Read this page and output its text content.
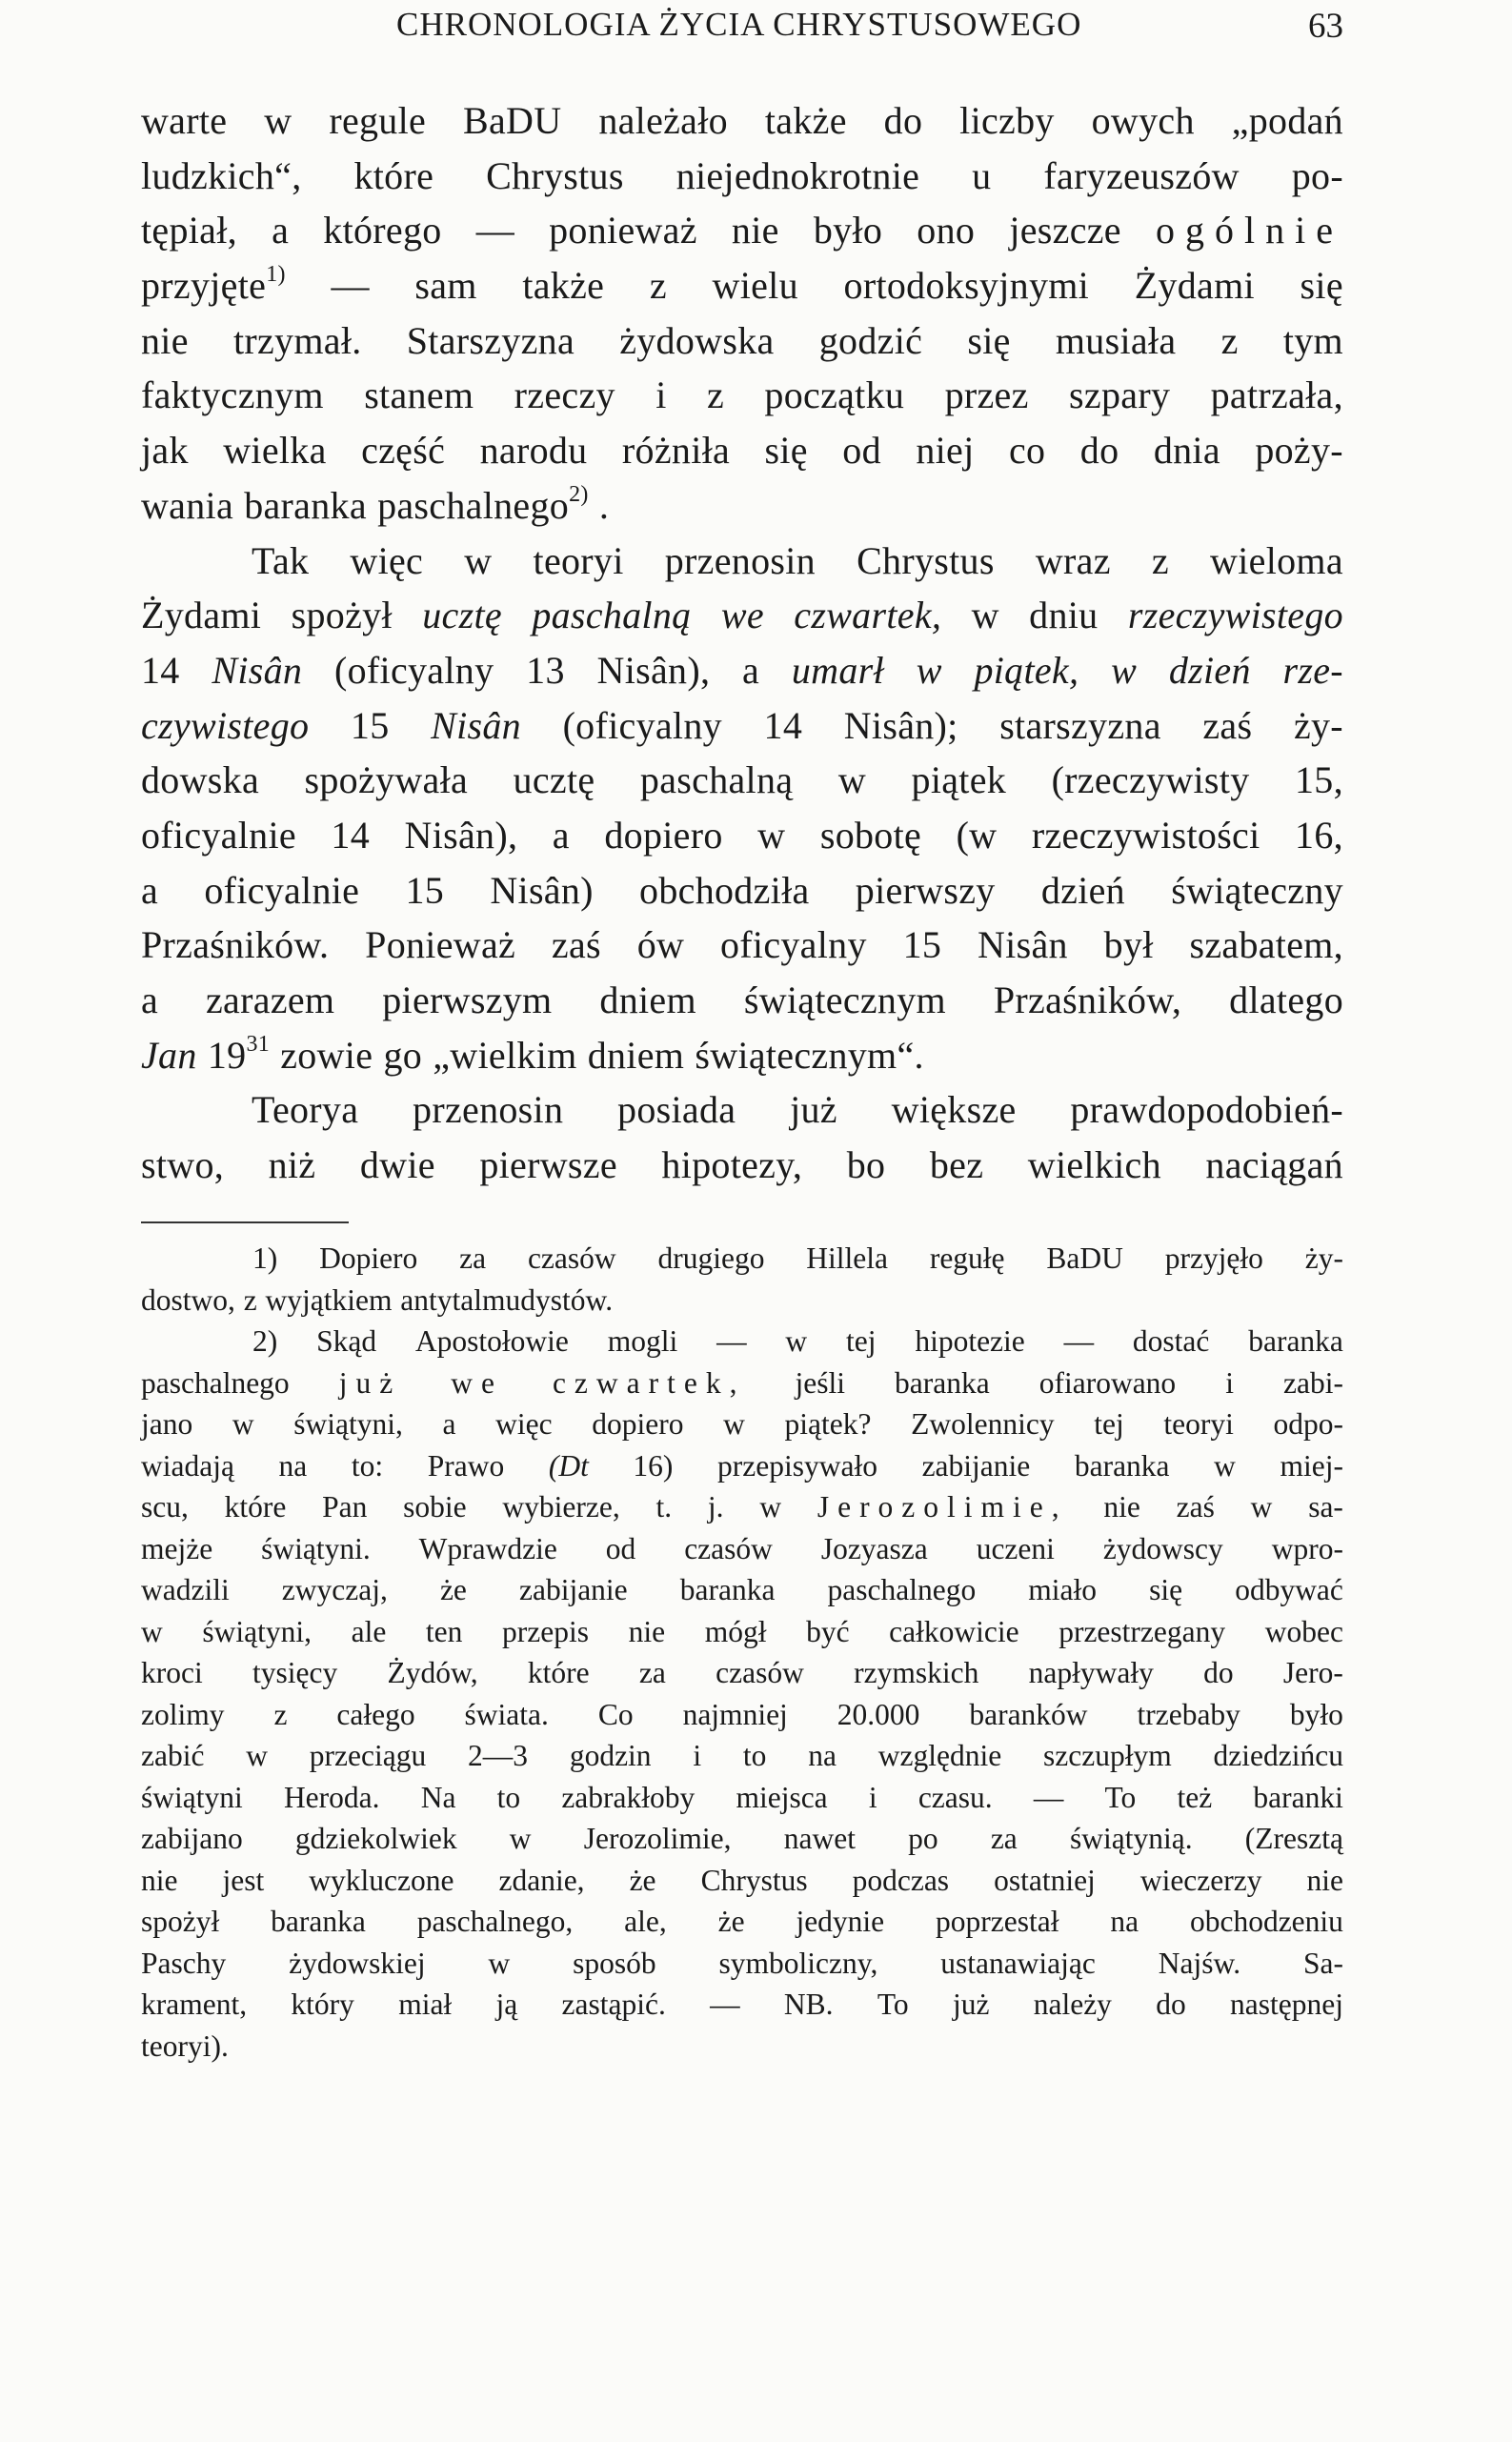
CHRONOLOGIA ŻYCIA CHRYSTUSOWEGO	63
warte w regule BaDU należało także do liczby owych „podań
ludzkich“, które Chrystus niejednokrotnie u faryzeuszów po-
tępiał, a którego — ponieważ nie było ono jeszcze ogólnie
przyjęte$^{1)}$ — sam także z wielu ortodoksyjnymi Żydami się
nie trzymał. Starszyzna żydowska godzić się musiała z tym
faktycznym stanem rzeczy i z początku przez szpary patrzała,
jak wielka część narodu różniła się od niej co do dnia poży-
wania baranka paschalnego$^{2)}$ .
Tak więc w teoryi przenosin Chrystus wraz z wieloma
Żydami spożył ucztę paschalną we czwartek, w dniu rzeczywistego
14 Nisân (oficyalny 13 Nisân), a umarł w piątek, w dzień rze-
czywistego 15 Nisân (oficyalny 14 Nisân); starszyzna zaś ży-
dowska spożywała ucztę paschalną w piątek (rzeczywisty 15,
oficyalnie 14 Nisân), a dopiero w sobotę (w rzeczywistości 16,
a oficyalnie 15 Nisân) obchodziła pierwszy dzień świąteczny
Przaśników. Ponieważ zaś ów oficyalny 15 Nisân był szabatem,
a zarazem pierwszym dniem świątecznym Przaśników, dlatego
Jan $19^{31}$ zowie go „wielkim dniem świątecznym“.
Teorya przenosin posiada już większe prawdopodobień-
stwo, niż dwie pierwsze hipotezy, bo bez wielkich naciągań
1) Dopiero za czasów drugiego Hillela regułę BaDU przyjęło ży-
dostwo, z wyjątkiem antytalmudystów.
2) Skąd Apostołowie mogli — w tej hipotezie — dostać baranka
paschalnego już we czwartek, jeśli baranka ofiarowano i zabi-
jano w świątyni, a więc dopiero w piątek? Zwolennicy tej teoryi odpo-
wiadają na to: Prawo (Dt 16) przepisywało zabijanie baranka w miej-
scu, które Pan sobie wybierze, t. j. w Jerozolimie, nie zaś w sa-
mejże świątyni. Wprawdzie od czasów Jozyasza uczeni żydowscy wpro-
wadzili zwyczaj, że zabijanie baranka paschalnego miało się odbywać
w świątyni, ale ten przepis nie mógł być całkowicie przestrzegany wobec
kroci tysięcy Żydów, które za czasów rzymskich napływały do Jero-
zolimy z całego świata. Co najmniej 20.000 baranków trzebaby było
zabić w przeciągu 2—3 godzin i to na względnie szczupłym dziedzińcu
świątyni Heroda. Na to zabrakłoby miejsca i czasu. — To też baranki
zabijano gdziekolwiek w Jerozolimie, nawet po za świątynią. (Zresztą
nie jest wykluczone zdanie, że Chrystus podczas ostatniej wieczerzy nie
spożył baranka paschalnego, ale, że jedynie poprzestał na obchodzeniu
Paschy żydowskiej w sposób symboliczny, ustanawiając Najśw. Sa-
krament, który miał ją zastąpić. — NB. To już należy do następnej
teoryi).
